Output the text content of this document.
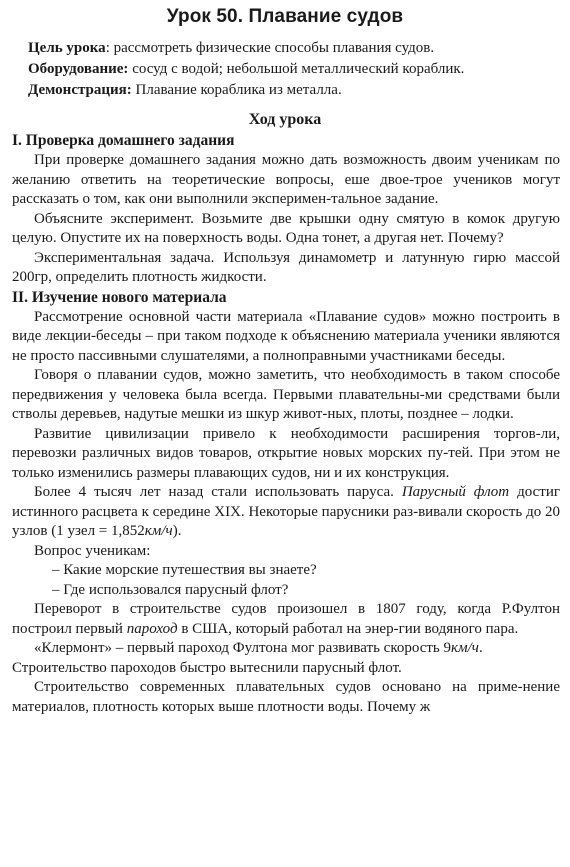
Урок 50. Плавание судов
Цель урока: рассмотреть физические способы плавания судов.
Оборудование: сосуд с водой; небольшой металлический кораблик.
Демонстрация: Плавание кораблика из металла.
Ход урока
I. Проверка домашнего задания

При проверке домашнего задания можно дать возможность двоим ученикам по желанию ответить на теоретические вопросы, еше двое-трое учеников могут рассказать о том, как они выполнили эксперимен-тальное задание.

Объясните эксперимент. Возьмите две крышки одну смятую в комок другую целую. Опустите их на поверхность воды. Одна тонет, а другая нет. Почему?

Экспериментальная задача. Используя динамометр и латунную гирю массой 200гр, определить плотность жидкости.

II. Изучение нового материала

Рассмотрение основной части материала «Плавание судов» можно построить в виде лекции-беседы – при таком подходе к объяснению материала ученики являются не просто пассивными слушателями, а полноправными участниками беседы.

Говоря о плавании судов, можно заметить, что необходимость в таком способе передвижения у человека была всегда. Первыми плавательны-ми средствами были стволы деревьев, надутые мешки из шкур живот-ных, плоты, позднее – лодки.

Развитие цивилизации привело к необходимости расширения торгов-ли, перевозки различных видов товаров, открытие новых морских пу-тей. При этом не только изменились размеры плавающих судов, ни и их конструкция.

Более 4 тысяч лет назад стали использовать паруса. Парусный флот достиг истинного расцвета к середине XIX. Некоторые парусники раз-вивали скорость до 20 узлов (1 узел = 1,852км/ч).

Вопрос ученикам:

– Какие морские путешествия вы знаете?

– Где использовался парусный флот?

Переворот в строительстве судов произошел в 1807 году, когда Р.Фултон построил первый пароход в США, который работал на энер-гии водяного пара.

«Клермонт» – первый пароход Фултона мог развивать скорость 9км/ч.

Строительство пароходов быстро вытеснили парусный флот.

Строительство современных плавательных судов основано на приме-нение материалов, плотность которых выше плотности воды. Почему ж
